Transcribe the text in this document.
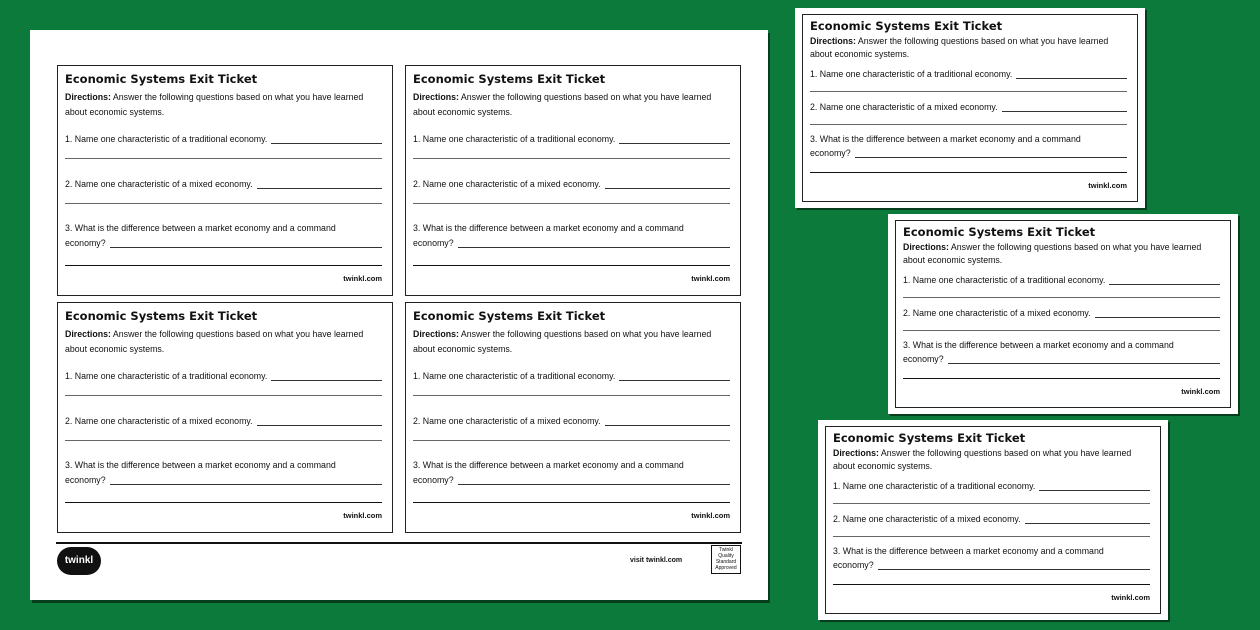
Economic Systems Exit Ticket
Directions: Answer the following questions based on what you have learned about economic systems.
1. Name one characteristic of a traditional economy.
2. Name one characteristic of a mixed economy.
3. What is the difference between a market economy and a command
economy?
twinkl.com
Economic Systems Exit Ticket
Directions: Answer the following questions based on what you have learned about economic systems.
1. Name one characteristic of a traditional economy.
2. Name one characteristic of a mixed economy.
3. What is the difference between a market economy and a command
economy?
twinkl.com
Economic Systems Exit Ticket
Directions: Answer the following questions based on what you have learned about economic systems.
1. Name one characteristic of a traditional economy.
2. Name one characteristic of a mixed economy.
3. What is the difference between a market economy and a command
economy?
twinkl.com
Economic Systems Exit Ticket
Directions: Answer the following questions based on what you have learned about economic systems.
1. Name one characteristic of a traditional economy.
2. Name one characteristic of a mixed economy.
3. What is the difference between a market economy and a command
economy?
twinkl.com
twinkl	visit twinkl.com
Twinkl Quality Standard Approved
Economic Systems Exit Ticket
Directions: Answer the following questions based on what you have learned about economic systems.
1. Name one characteristic of a traditional economy.
2. Name one characteristic of a mixed economy.
3. What is the difference between a market economy and a command
economy?
twinkl.com
Economic Systems Exit Ticket
Directions: Answer the following questions based on what you have learned about economic systems.
1. Name one characteristic of a traditional economy.
2. Name one characteristic of a mixed economy.
3. What is the difference between a market economy and a command
economy?
twinkl.com
Economic Systems Exit Ticket
Directions: Answer the following questions based on what you have learned about economic systems.
1. Name one characteristic of a traditional economy.
2. Name one characteristic of a mixed economy.
3. What is the difference between a market economy and a command
economy?
twinkl.com
